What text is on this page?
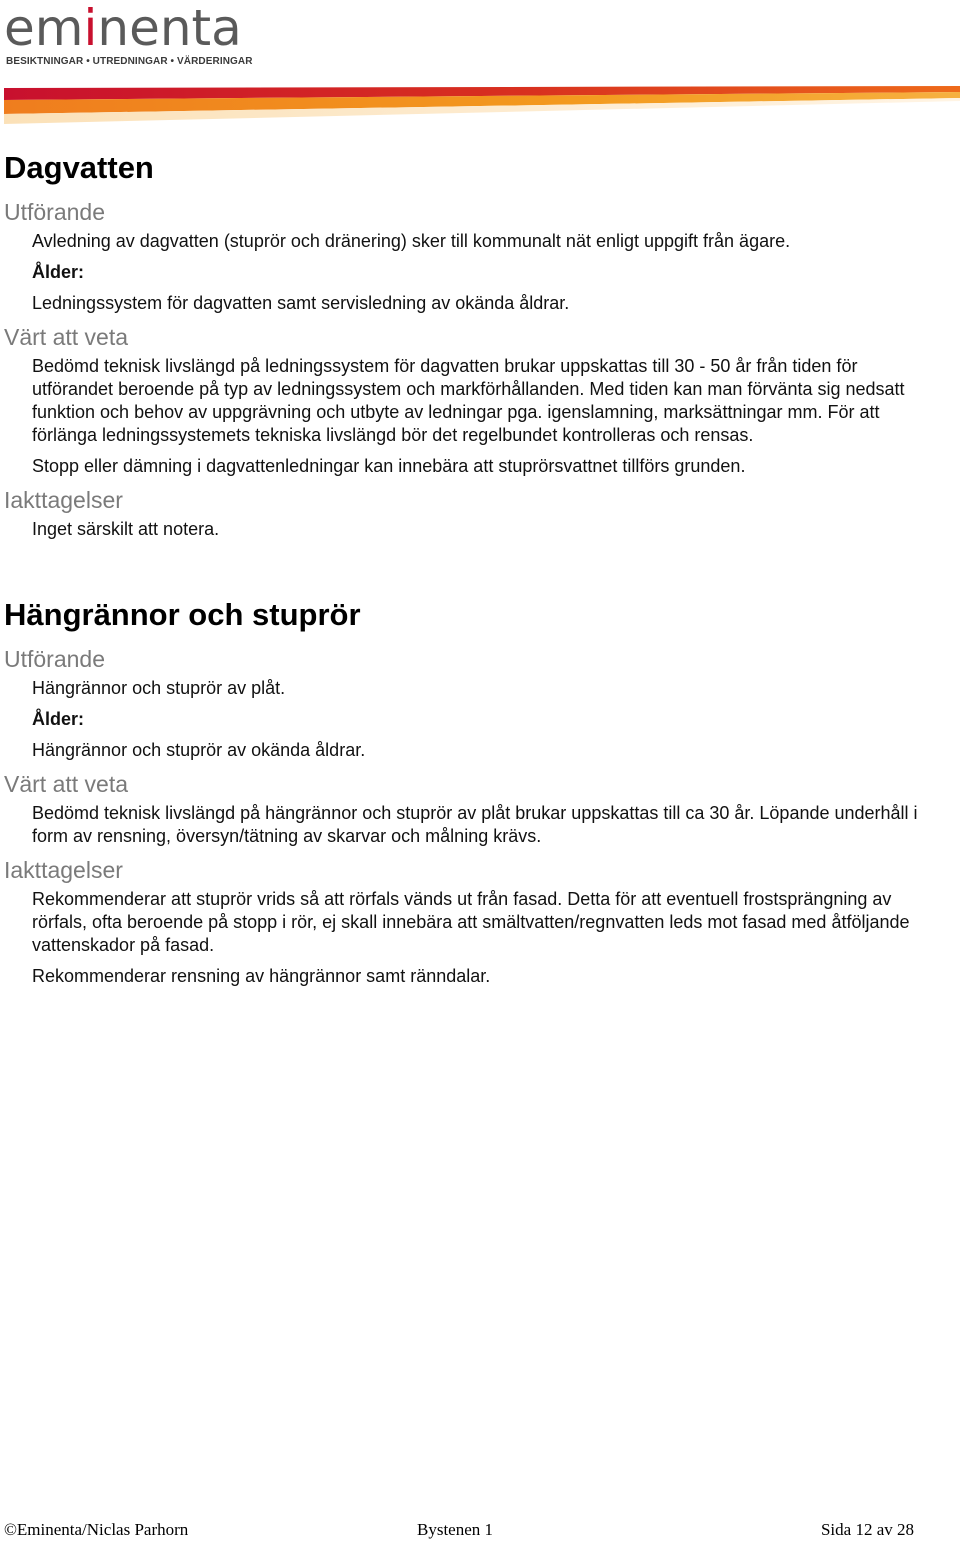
eminenta
BESIKTNINGAR • UTREDNINGAR • VÄRDERINGAR
Dagvatten
Utförande

Avledning av dagvatten (stuprör och dränering) sker till kommunalt nät enligt uppgift från ägare.

Ålder:

Ledningssystem för dagvatten samt servisledning av okända åldrar.

Värt att veta

Bedömd teknisk livslängd på ledningssystem för dagvatten brukar uppskattas till 30 - 50 år från tiden för utförandet beroende på typ av ledningssystem och markförhållanden. Med tiden kan man förvänta sig nedsatt funktion och behov av uppgrävning och utbyte av ledningar pga. igenslamning, marksättningar mm. För att förlänga ledningssystemets tekniska livslängd bör det regelbundet kontrolleras och rensas.

Stopp eller dämning i dagvattenledningar kan innebära att stuprörsvattnet tillförs grunden.

Iakttagelser

Inget särskilt att notera.

Hängrännor och stuprör
Utförande

Hängrännor och stuprör av plåt.

Ålder:

Hängrännor och stuprör av okända åldrar.

Värt att veta

Bedömd teknisk livslängd på hängrännor och stuprör av plåt brukar uppskattas till ca 30 år. Löpande underhåll i form av rensning, översyn/tätning av skarvar och målning krävs.

Iakttagelser

Rekommenderar att stuprör vrids så att rörfals vänds ut från fasad. Detta för att eventuell frostsprängning av rörfals, ofta beroende på stopp i rör, ej skall innebära att smältvatten/regnvatten leds mot fasad med åtföljande vattenskador på fasad.

Rekommenderar rensning av hängrännor samt ränndalar.

©Eminenta/Niclas Parhorn	Bystenen 1	Sida 12 av 28
